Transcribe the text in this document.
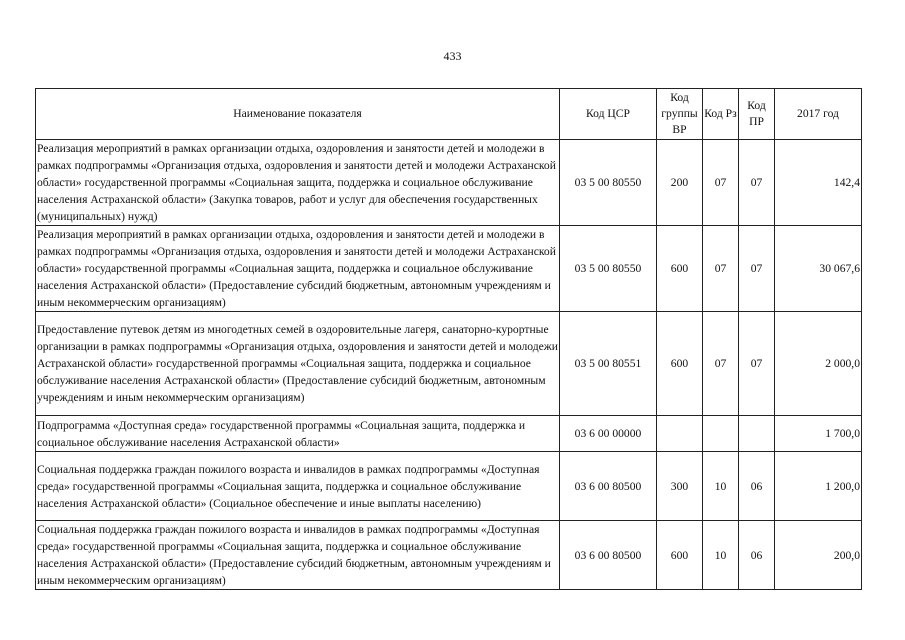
433
Наименование показателя	Код ЦСР	Код группы ВР	Код Рз	Код ПР	2017 год
Реализация мероприятий в рамках организации отдыха, оздоровления и занятости детей и молодежи в рамках подпрограммы «Организация отдыха, оздоровления и занятости детей и молодежи Астраханской области» государственной программы «Социальная защита, поддержка и социальное обслуживание населения Астраханской области» (Закупка товаров, работ и услуг для обеспечения государственных (муниципальных) нужд)	03 5 00 80550	200	07	07	142,4
Реализация мероприятий в рамках организации отдыха, оздоровления и занятости детей и молодежи в рамках подпрограммы «Организация отдыха, оздоровления и занятости детей и молодежи Астраханской области» государственной программы «Социальная защита, поддержка и социальное обслуживание населения Астраханской области» (Предоставление субсидий бюджетным, автономным учреждениям и иным некоммерческим организациям)	03 5 00 80550	600	07	07	30 067,6
Предоставление путевок детям из многодетных семей в оздоровительные лагеря, санаторно-курортные организации в рамках подпрограммы «Организация отдыха, оздоровления и занятости детей и молодежи Астраханской области» государственной программы «Социальная защита, поддержка и социальное обслуживание населения Астраханской области» (Предоставление субсидий бюджетным, автономным учреждениям и иным некоммерческим организациям)	03 5 00 80551	600	07	07	2 000,0
Подпрограмма «Доступная среда» государственной программы «Социальная защита, поддержка и социальное обслуживание населения Астраханской области»	03 6 00 00000				1 700,0
Социальная поддержка граждан пожилого возраста и инвалидов в рамках подпрограммы «Доступная среда» государственной программы «Социальная защита, поддержка и социальное обслуживание населения Астраханской области» (Социальное обеспечение и иные выплаты населению)	03 6 00 80500	300	10	06	1 200,0
Социальная поддержка граждан пожилого возраста и инвалидов в рамках подпрограммы «Доступная среда» государственной программы «Социальная защита, поддержка и социальное обслуживание населения Астраханской области» (Предоставление субсидий бюджетным, автономным учреждениям и иным некоммерческим организациям)	03 6 00 80500	600	10	06	200,0
